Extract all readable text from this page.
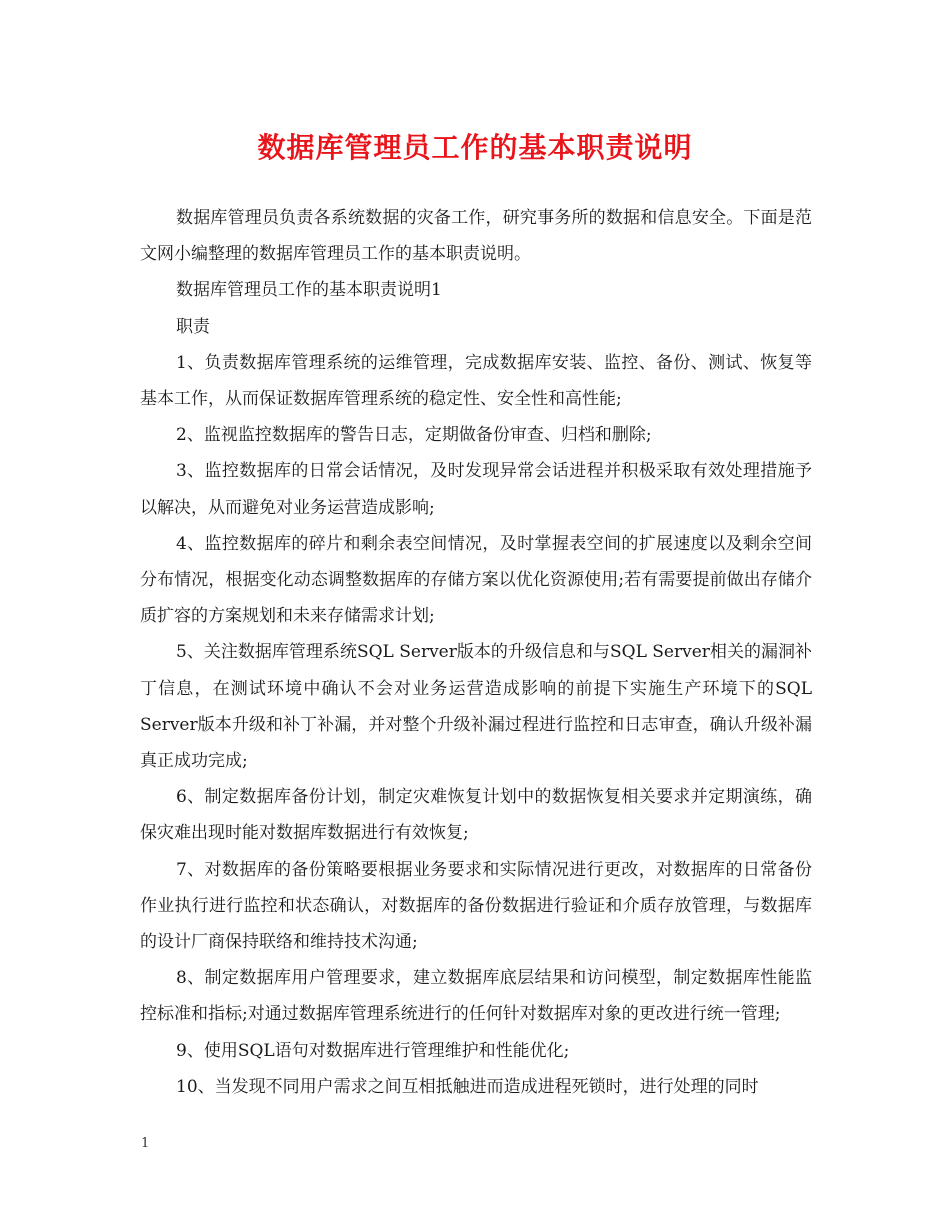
数据库管理员工作的基本职责说明

数据库管理员负责各系统数据的灾备工作，研究事务所的数据和信息安全。下面是范文网小编整理的数据库管理员工作的基本职责说明。

数据库管理员工作的基本职责说明1

职责

1、负责数据库管理系统的运维管理，完成数据库安装、监控、备份、测试、恢复等基本工作，从而保证数据库管理系统的稳定性、安全性和高性能;

2、监视监控数据库的警告日志，定期做备份审查、归档和删除;

3、监控数据库的日常会话情况，及时发现异常会话进程并积极采取有效处理措施予以解决，从而避免对业务运营造成影响;

4、监控数据库的碎片和剩余表空间情况，及时掌握表空间的扩展速度以及剩余空间分布情况，根据变化动态调整数据库的存储方案以优化资源使用;若有需要提前做出存储介质扩容的方案规划和未来存储需求计划;

5、关注数据库管理系统SQL Server版本的升级信息和与SQL Server相关的漏洞补丁信息，在测试环境中确认不会对业务运营造成影响的前提下实施生产环境下的SQL Server版本升级和补丁补漏，并对整个升级补漏过程进行监控和日志审查，确认升级补漏真正成功完成;

6、制定数据库备份计划，制定灾难恢复计划中的数据恢复相关要求并定期演练，确保灾难出现时能对数据库数据进行有效恢复;

7、对数据库的备份策略要根据业务要求和实际情况进行更改，对数据库的日常备份作业执行进行监控和状态确认，对数据库的备份数据进行验证和介质存放管理，与数据库的设计厂商保持联络和维持技术沟通;

8、制定数据库用户管理要求，建立数据库底层结果和访问模型，制定数据库性能监控标准和指标;对通过数据库管理系统进行的任何针对数据库对象的更改进行统一管理;

9、使用SQL语句对数据库进行管理维护和性能优化;

10、当发现不同用户需求之间互相抵触进而造成进程死锁时，进行处理的同时

1
